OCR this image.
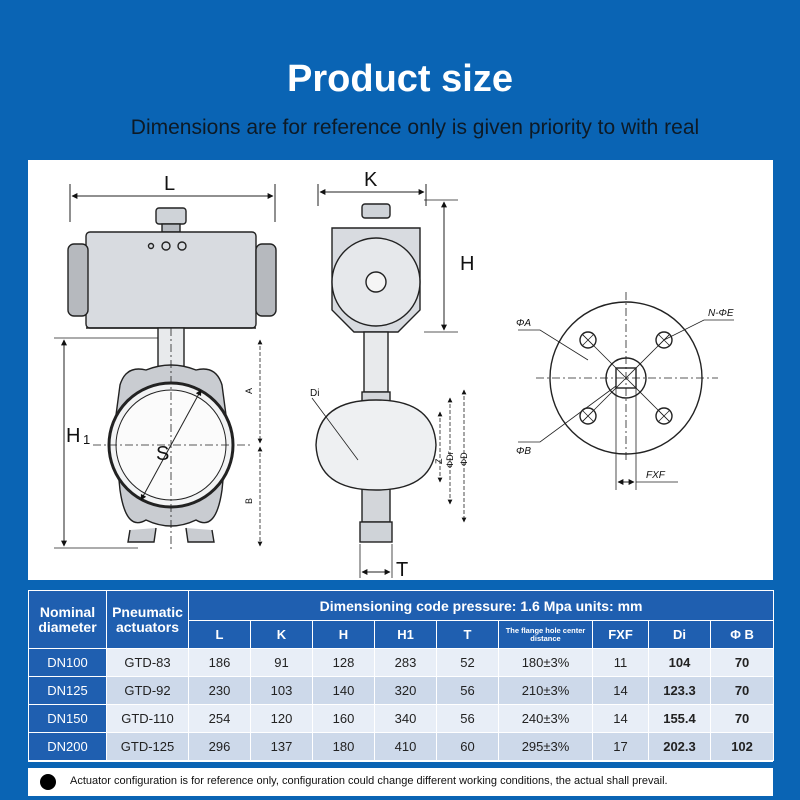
Product size
Dimensions are for reference only is given priority to with real
L
H 1
S
A
B
K
H
Di
T
Z ΦDr ΦD
ΦA
N-ΦE
ΦB
FXF
Nominal diameter	Pneumatic actuators	Dimensioning code pressure: 1.6 Mpa units: mm								
		L	K	H	H1	T	The flange hole center distance	FXF	Di	Φ B
DN100	GTD-83	186	91	128	283	52	180±3%	11	104	70
DN125	GTD-92	230	103	140	320	56	210±3%	14	123.3	70
DN150	GTD-110	254	120	160	340	56	240±3%	14	155.4	70
DN200	GTD-125	296	137	180	410	60	295±3%	17	202.3	102
Actuator configuration is for reference only, configuration could change different working conditions, the actual shall prevail.
